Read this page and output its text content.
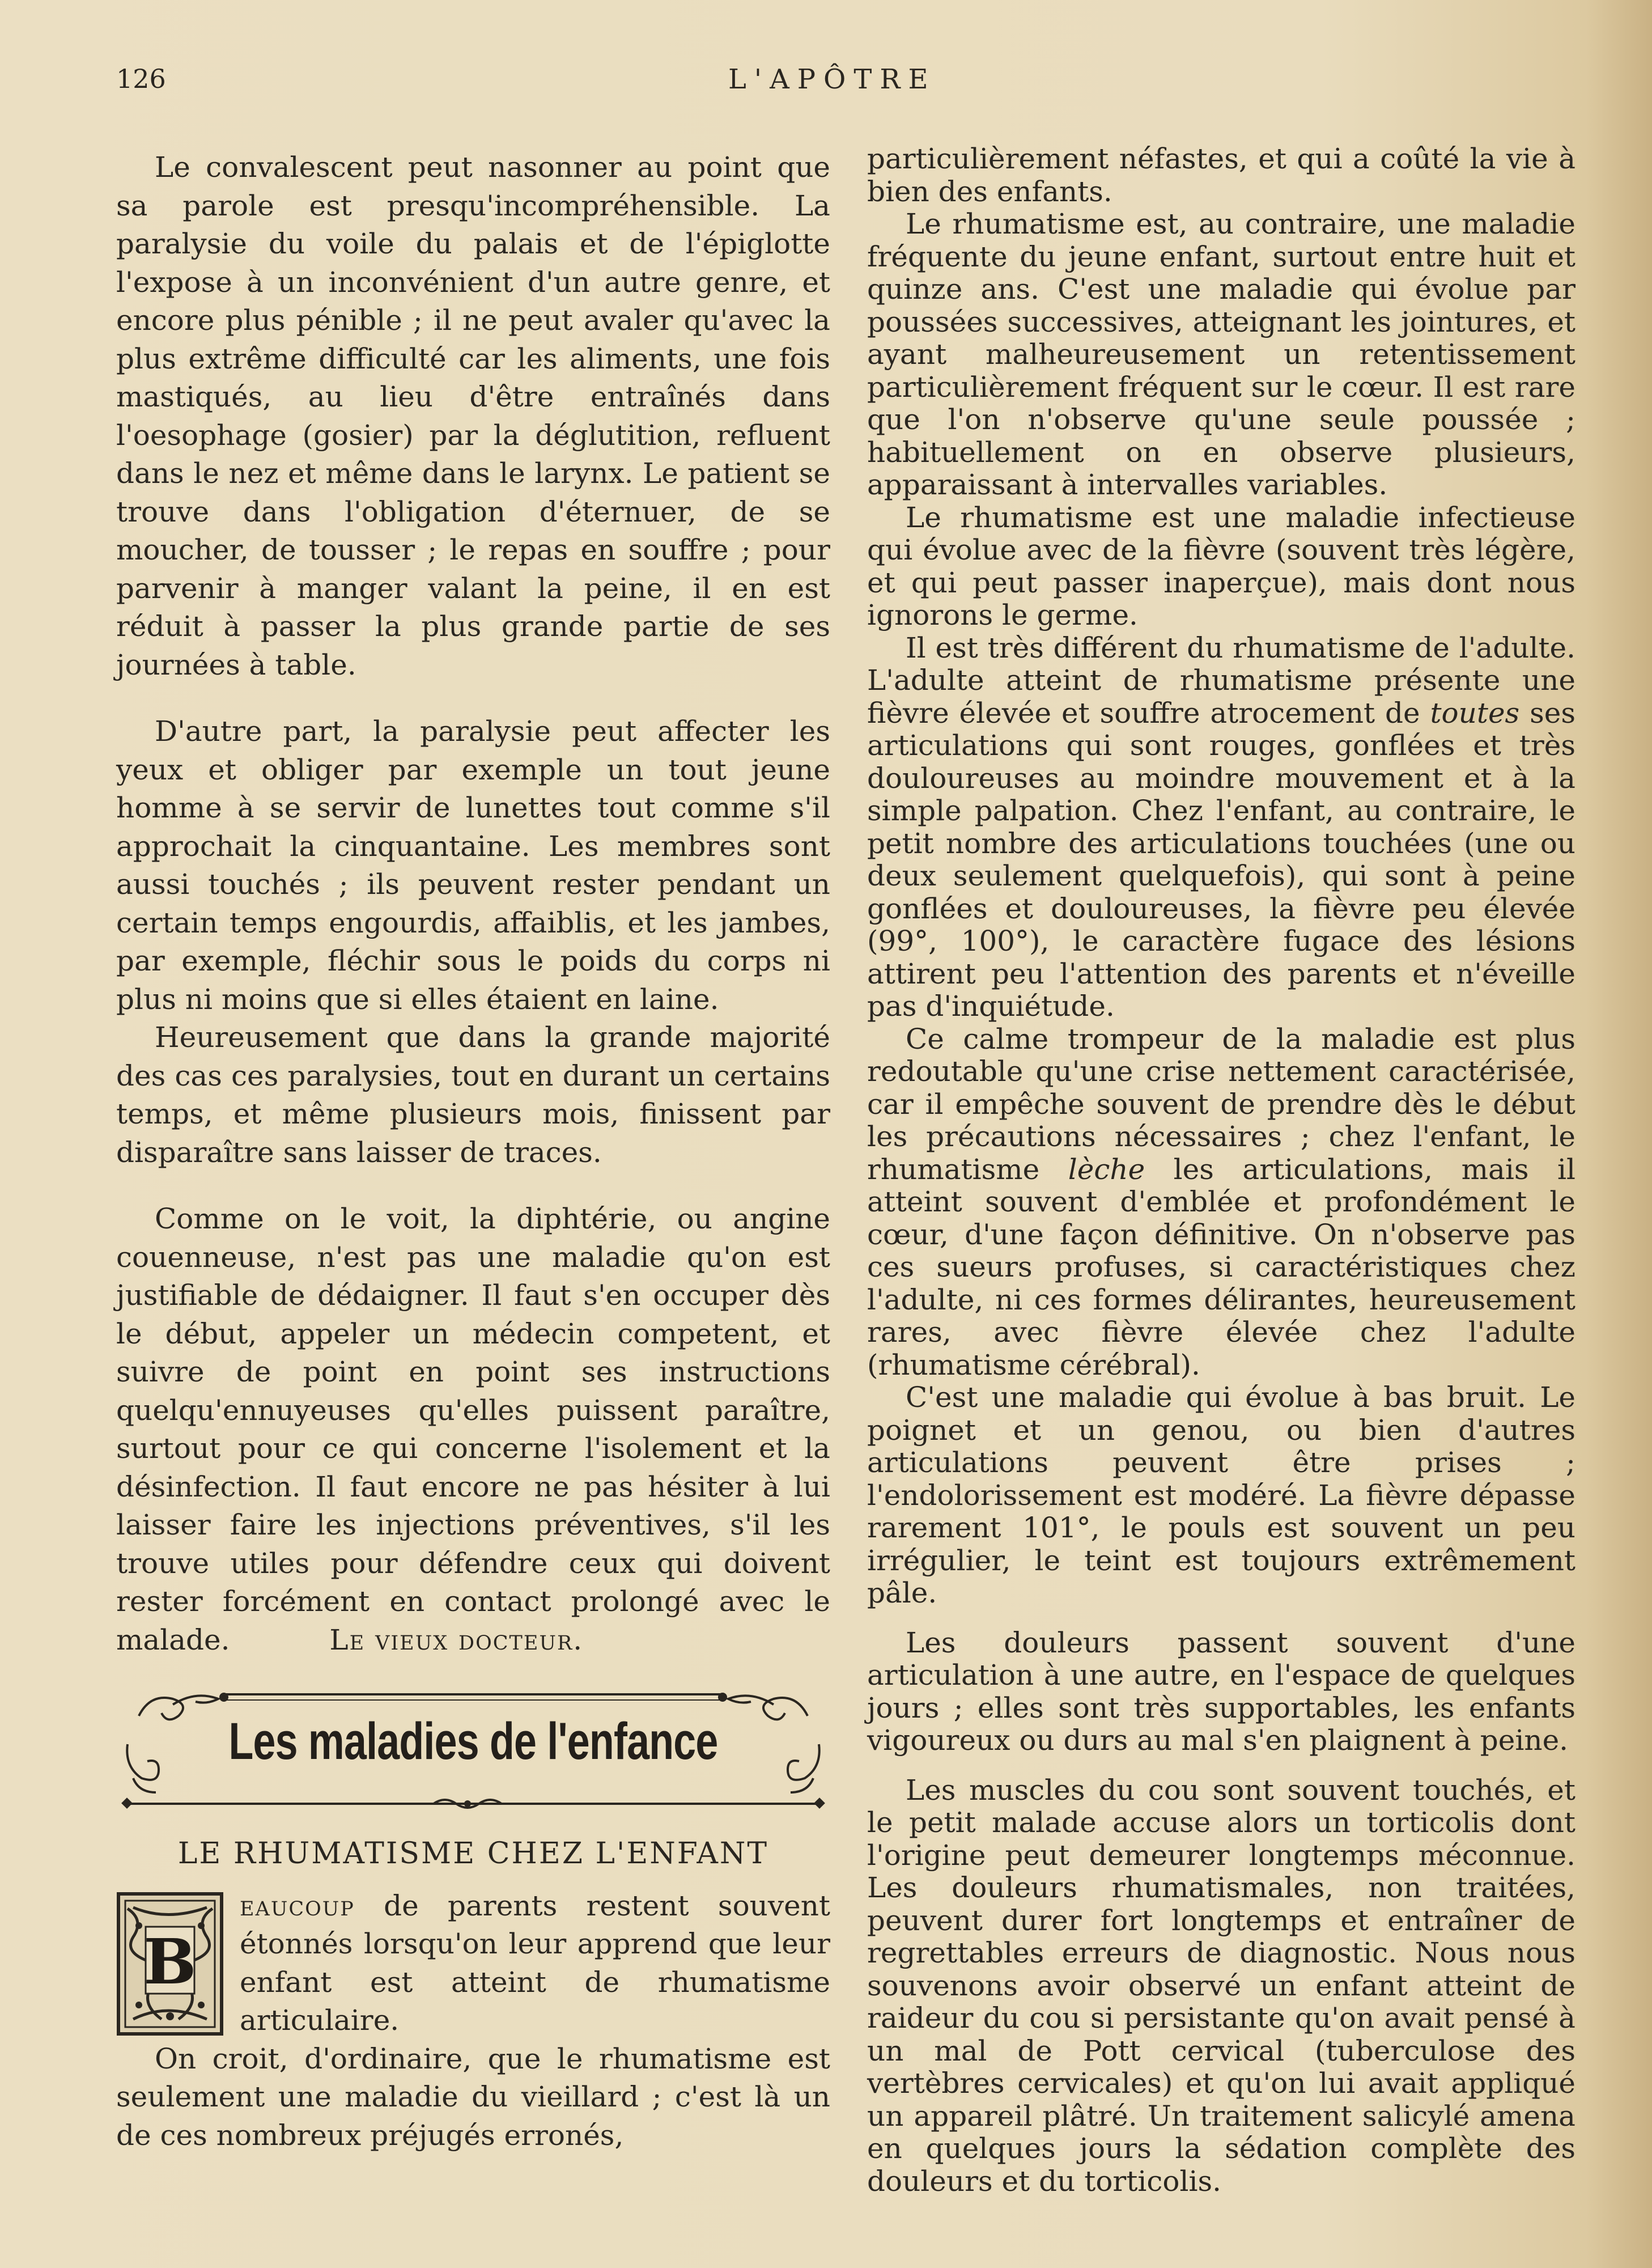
126	L'APÔTRE

Le convalescent peut nasonner au point que sa parole est presqu'incompréhensible. La paralysie du voile du palais et de l'épiglotte l'expose à un inconvénient d'un autre genre, et encore plus pénible ; il ne peut avaler qu'avec la plus extrême difficulté car les aliments, une fois mastiqués, au lieu d'être entraînés dans l'oesophage (gosier) par la déglutition, refluent dans le nez et même dans le larynx. Le patient se trouve dans l'obligation d'éternuer, de se moucher, de tousser ; le repas en souffre ; pour parvenir à manger valant la peine, il en est réduit à passer la plus grande partie de ses journées à table.

D'autre part, la paralysie peut affecter les yeux et obliger par exemple un tout jeune homme à se servir de lunettes tout comme s'il approchait la cinquantaine. Les membres sont aussi touchés ; ils peuvent rester pendant un certain temps engourdis, affaiblis, et les jambes, par exemple, fléchir sous le poids du corps ni plus ni moins que si elles étaient en laine.

Heureusement que dans la grande majorité des cas ces paralysies, tout en durant un certains temps, et même plusieurs mois, finissent par disparaître sans laisser de traces.

Comme on le voit, la diphtérie, ou angine couenneuse, n'est pas une maladie qu'on est justifiable de dédaigner. Il faut s'en occuper dès le début, appeler un médecin competent, et suivre de point en point ses instructions quelqu'ennuyeuses qu'elles puissent paraître, surtout pour ce qui concerne l'isolement et la désinfection. Il faut encore ne pas hésiter à lui laisser faire les injections préventives, s'il les trouve utiles pour défendre ceux qui doivent rester forcément en contact prolongé avec le malade.	Le vieux docteur.

Les maladies de l'enfance
LE RHUMATISME CHEZ L'ENFANT
B

eaucoup de parents restent souvent étonnés lorsqu'on leur apprend que leur enfant est atteint de rhumatisme articulaire.

On croit, d'ordinaire, que le rhumatisme est seulement une maladie du vieillard ; c'est là un de ces nombreux préjugés erronés,

particulièrement néfastes, et qui a coûté la vie à bien des enfants.

Le rhumatisme est, au contraire, une maladie fréquente du jeune enfant, surtout entre huit et quinze ans. C'est une maladie qui évolue par poussées successives, atteignant les jointures, et ayant malheureusement un retentissement particulièrement fréquent sur le cœur. Il est rare que l'on n'observe qu'une seule poussée ; habituellement on en observe plusieurs, apparaissant à intervalles variables.

Le rhumatisme est une maladie infectieuse qui évolue avec de la fièvre (souvent très légère, et qui peut passer inaperçue), mais dont nous ignorons le germe.

Il est très différent du rhumatisme de l'adulte. L'adulte atteint de rhumatisme présente une fièvre élevée et souffre atrocement de toutes ses articulations qui sont rouges, gonflées et très douloureuses au moindre mouvement et à la simple palpation. Chez l'enfant, au contraire, le petit nombre des articulations touchées (une ou deux seulement quelquefois), qui sont à peine gonflées et douloureuses, la fièvre peu élevée (99°, 100°), le caractère fugace des lésions attirent peu l'attention des parents et n'éveille pas d'inquiétude.

Ce calme trompeur de la maladie est plus redoutable qu'une crise nettement caractérisée, car il empêche souvent de prendre dès le début les précautions nécessaires ; chez l'enfant, le rhumatisme lèche les articulations, mais il atteint souvent d'emblée et profondément le cœur, d'une façon définitive. On n'observe pas ces sueurs profuses, si caractéristiques chez l'adulte, ni ces formes délirantes, heureusement rares, avec fièvre élevée chez l'adulte (rhumatisme cérébral).

C'est une maladie qui évolue à bas bruit. Le poignet et un genou, ou bien d'autres articulations peuvent être prises ; l'endolorissement est modéré. La fièvre dépasse rarement 101°, le pouls est souvent un peu irrégulier, le teint est toujours extrêmement pâle.

Les douleurs passent souvent d'une articulation à une autre, en l'espace de quelques jours ; elles sont très supportables, les enfants vigoureux ou durs au mal s'en plaignent à peine.

Les muscles du cou sont souvent touchés, et le petit malade accuse alors un torticolis dont l'origine peut demeurer longtemps méconnue. Les douleurs rhumatismales, non traitées, peuvent durer fort longtemps et entraîner de regrettables erreurs de diagnostic. Nous nous souvenons avoir observé un enfant atteint de raideur du cou si persistante qu'on avait pensé à un mal de Pott cervical (tuberculose des vertèbres cervicales) et qu'on lui avait appliqué un appareil plâtré. Un traitement salicylé amena en quelques jours la sédation complète des douleurs et du torticolis.
